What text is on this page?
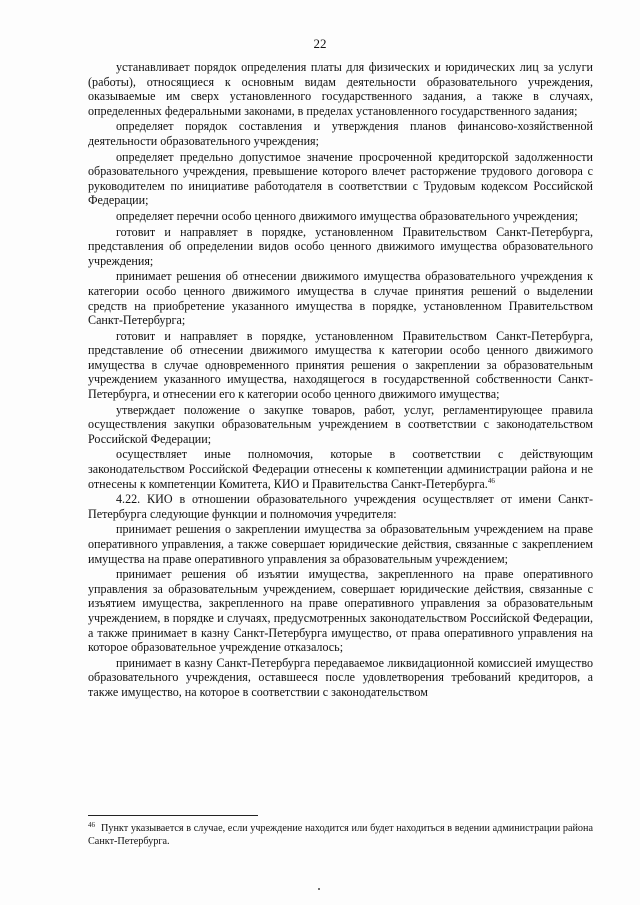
22

устанавливает порядок определения платы для физических и юридических лиц за услуги (работы), относящиеся к основным видам деятельности образовательного учреждения, оказываемые им сверх установленного государственного задания, а также в случаях, определенных федеральными законами, в пределах установленного государственного задания;

определяет порядок составления и утверждения планов финансово-хозяйственной деятельности образовательного учреждения;

определяет предельно допустимое значение просроченной кредиторской задолженности образовательного учреждения, превышение которого влечет расторжение трудового договора с руководителем по инициативе работодателя в соответствии с Трудовым кодексом Российской Федерации;

определяет перечни особо ценного движимого имущества образовательного учреждения;

готовит и направляет в порядке, установленном Правительством Санкт-Петербурга, представления об определении видов особо ценного движимого имущества образовательного учреждения;

принимает решения об отнесении движимого имущества образовательного учреждения к категории особо ценного движимого имущества в случае принятия решений о выделении средств на приобретение указанного имущества в порядке, установленном Правительством Санкт-Петербурга;

готовит и направляет в порядке, установленном Правительством Санкт-Петербурга, представление об отнесении движимого имущества к категории особо ценного движимого имущества в случае одновременного принятия решения о закреплении за образовательным учреждением указанного имущества, находящегося в государственной собственности Санкт-Петербурга, и отнесении его к категории особо ценного движимого имущества;

утверждает положение о закупке товаров, работ, услуг, регламентирующее правила осуществления закупки образовательным учреждением в соответствии с законодательством Российской Федерации;

осуществляет иные полномочия, которые в соответствии с действующим законодательством Российской Федерации отнесены к компетенции администрации района и не отнесены к компетенции Комитета, КИО и Правительства Санкт-Петербурга.$^{46}$

4.22. КИО в отношении образовательного учреждения осуществляет от имени Санкт-Петербурга следующие функции и полномочия учредителя:

принимает решения о закреплении имущества за образовательным учреждением на праве оперативного управления, а также совершает юридические действия, связанные с закреплением имущества на праве оперативного управления за образовательным учреждением;

принимает решения об изъятии имущества, закрепленного на праве оперативного управления за образовательным учреждением, совершает юридические действия, связанные с изъятием имущества, закрепленного на праве оперативного управления за образовательным учреждением, в порядке и случаях, предусмотренных законодательством Российской Федерации, а также принимает в казну Санкт-Петербурга имущество, от права оперативного управления на которое образовательное учреждение отказалось;

принимает в казну Санкт-Петербурга передаваемое ликвидационной комиссией имущество образовательного учреждения, оставшееся после удовлетворения требований кредиторов, а также имущество, на которое в соответствии с законодательством

$^{46}$ Пункт указывается в случае, если учреждение находится или будет находиться в ведении администрации района Санкт-Петербурга.
